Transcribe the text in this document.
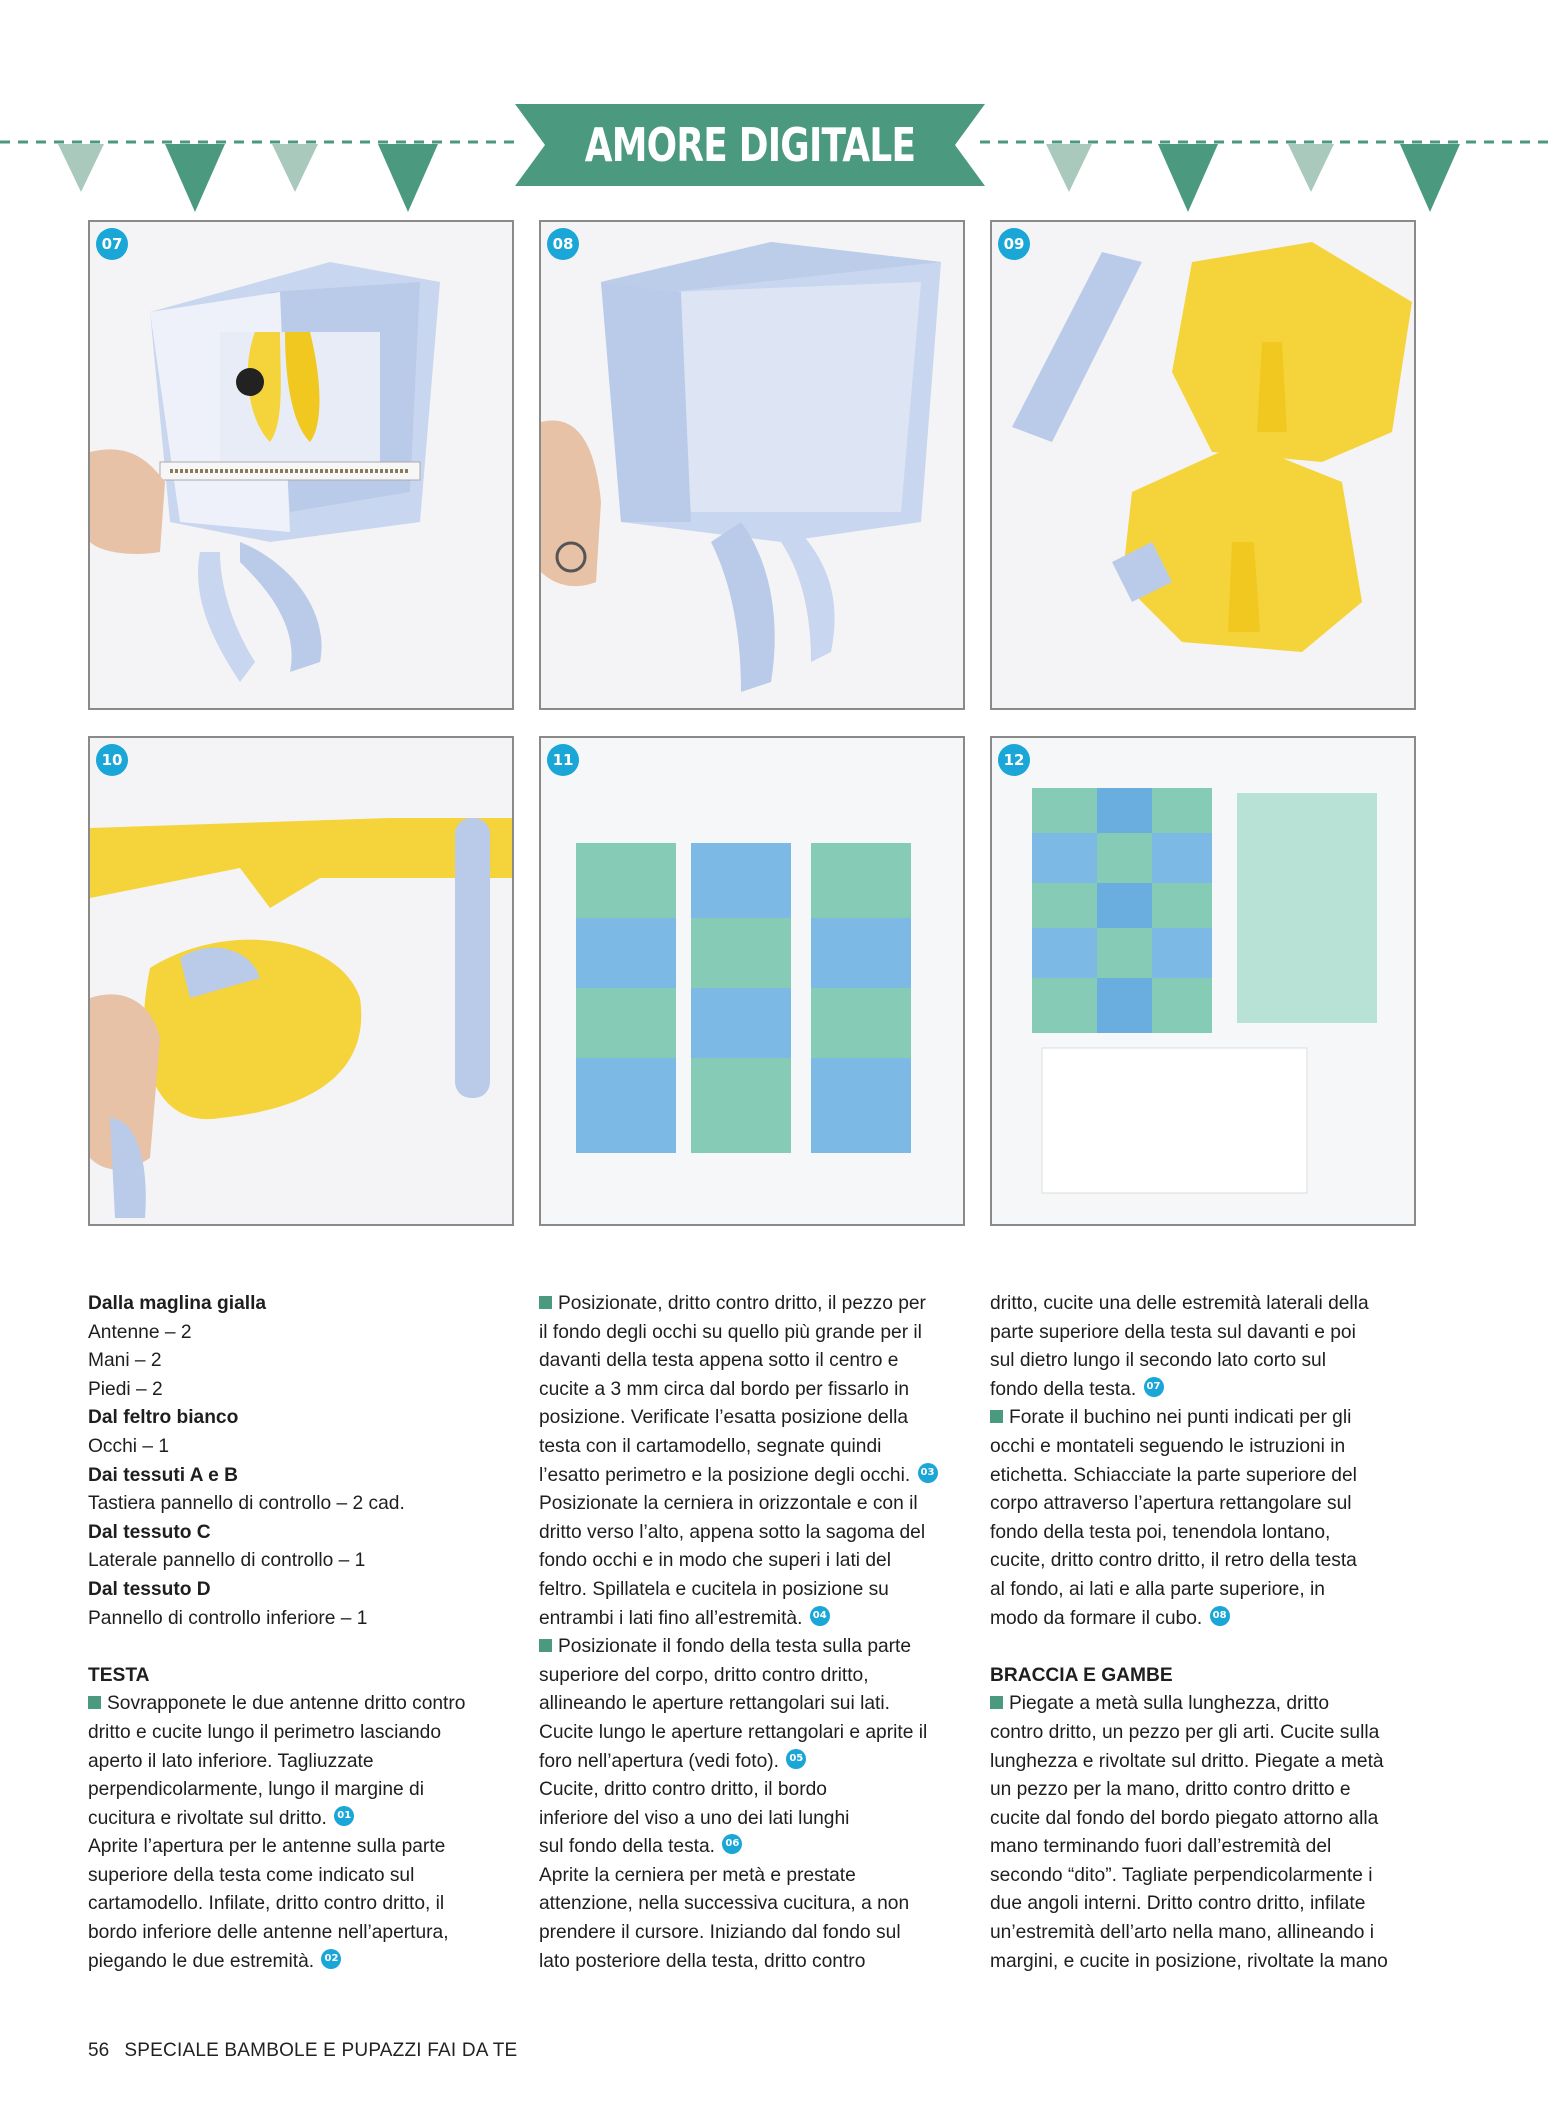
AMORE DIGITALE
07	08	09
10	11	12

Dalla maglina gialla

Antenne – 2

Mani – 2

Piedi – 2

Dal feltro bianco

Occhi – 1

Dai tessuti A e B

Tastiera pannello di controllo – 2 cad.

Dal tessuto C

Laterale pannello di controllo – 1

Dal tessuto D

Pannello di controllo inferiore – 1

TESTA

Sovrapponete le due antenne dritto contro

dritto e cucite lungo il perimetro lasciando

aperto il lato inferiore. Tagliuzzate

perpendicolarmente, lungo il margine di

cucitura e rivoltate sul dritto. 01

Aprite l’apertura per le antenne sulla parte

superiore della testa come indicato sul

cartamodello. Infilate, dritto contro dritto, il

bordo inferiore delle antenne nell’apertura,

piegando le due estremità. 02

Posizionate, dritto contro dritto, il pezzo per

il fondo degli occhi su quello più grande per il

davanti della testa appena sotto il centro e

cucite a 3 mm circa dal bordo per fissarlo in

posizione. Verificate l’esatta posizione della

testa con il cartamodello, segnate quindi

l’esatto perimetro e la posizione degli occhi. 03

Posizionate la cerniera in orizzontale e con il

dritto verso l’alto, appena sotto la sagoma del

fondo occhi e in modo che superi i lati del

feltro. Spillatela e cucitela in posizione su

entrambi i lati fino all’estremità. 04

Posizionate il fondo della testa sulla parte

superiore del corpo, dritto contro dritto,

allineando le aperture rettangolari sui lati.

Cucite lungo le aperture rettangolari e aprite il

foro nell’apertura (vedi foto). 05

Cucite, dritto contro dritto, il bordo

inferiore del viso a uno dei lati lunghi

sul fondo della testa. 06

Aprite la cerniera per metà e prestate

attenzione, nella successiva cucitura, a non

prendere il cursore. Iniziando dal fondo sul

lato posteriore della testa, dritto contro

dritto, cucite una delle estremità laterali della

parte superiore della testa sul davanti e poi

sul dietro lungo il secondo lato corto sul

fondo della testa. 07

Forate il buchino nei punti indicati per gli

occhi e montateli seguendo le istruzioni in

etichetta. Schiacciate la parte superiore del

corpo attraverso l’apertura rettangolare sul

fondo della testa poi, tenendola lontano,

cucite, dritto contro dritto, il retro della testa

al fondo, ai lati e alla parte superiore, in

modo da formare il cubo. 08

BRACCIA E GAMBE

Piegate a metà sulla lunghezza, dritto

contro dritto, un pezzo per gli arti. Cucite sulla

lunghezza e rivoltate sul dritto. Piegate a metà

un pezzo per la mano, dritto contro dritto e

cucite dal fondo del bordo piegato attorno alla

mano terminando fuori dall’estremità del

secondo “dito”. Tagliate perpendicolarmente i

due angoli interni. Dritto contro dritto, infilate

un’estremità dell’arto nella mano, allineando i

margini, e cucite in posizione, rivoltate la mano

56 SPECIALE BAMBOLE E PUPAZZI FAI DA TE
